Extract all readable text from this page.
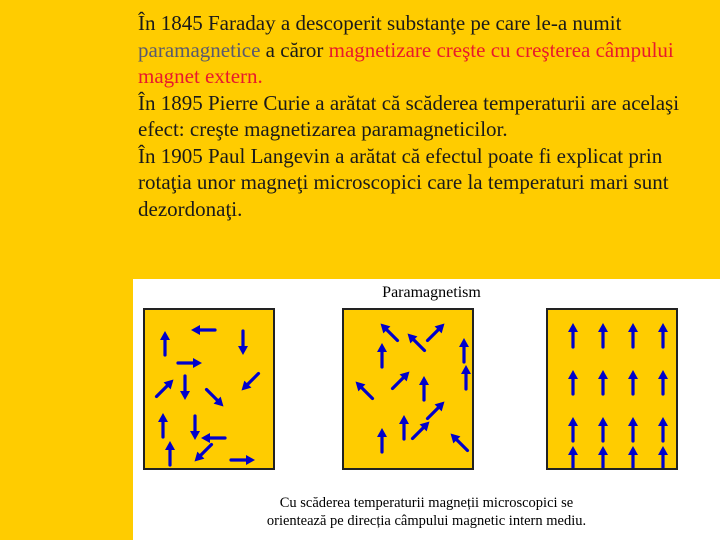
În 1845 Faraday a descoperit substanţe pe care le-a numit paramagnetice a căror magnetizare creşte cu creşterea câmpului magnet extern.

În 1895 Pierre Curie a arătat că scăderea temperaturii are acelaşi efect: creşte magnetizarea paramagneticilor.

În 1905 Paul Langevin a arătat că efectul poate fi explicat prin rotaţia unor magneţi microscopici care la temperaturi mari sunt dezordonaţi.

Paramagnetism

Cu scăderea temperaturii magneții microscopici se

orientează pe direcția câmpului magnetic intern mediu.
